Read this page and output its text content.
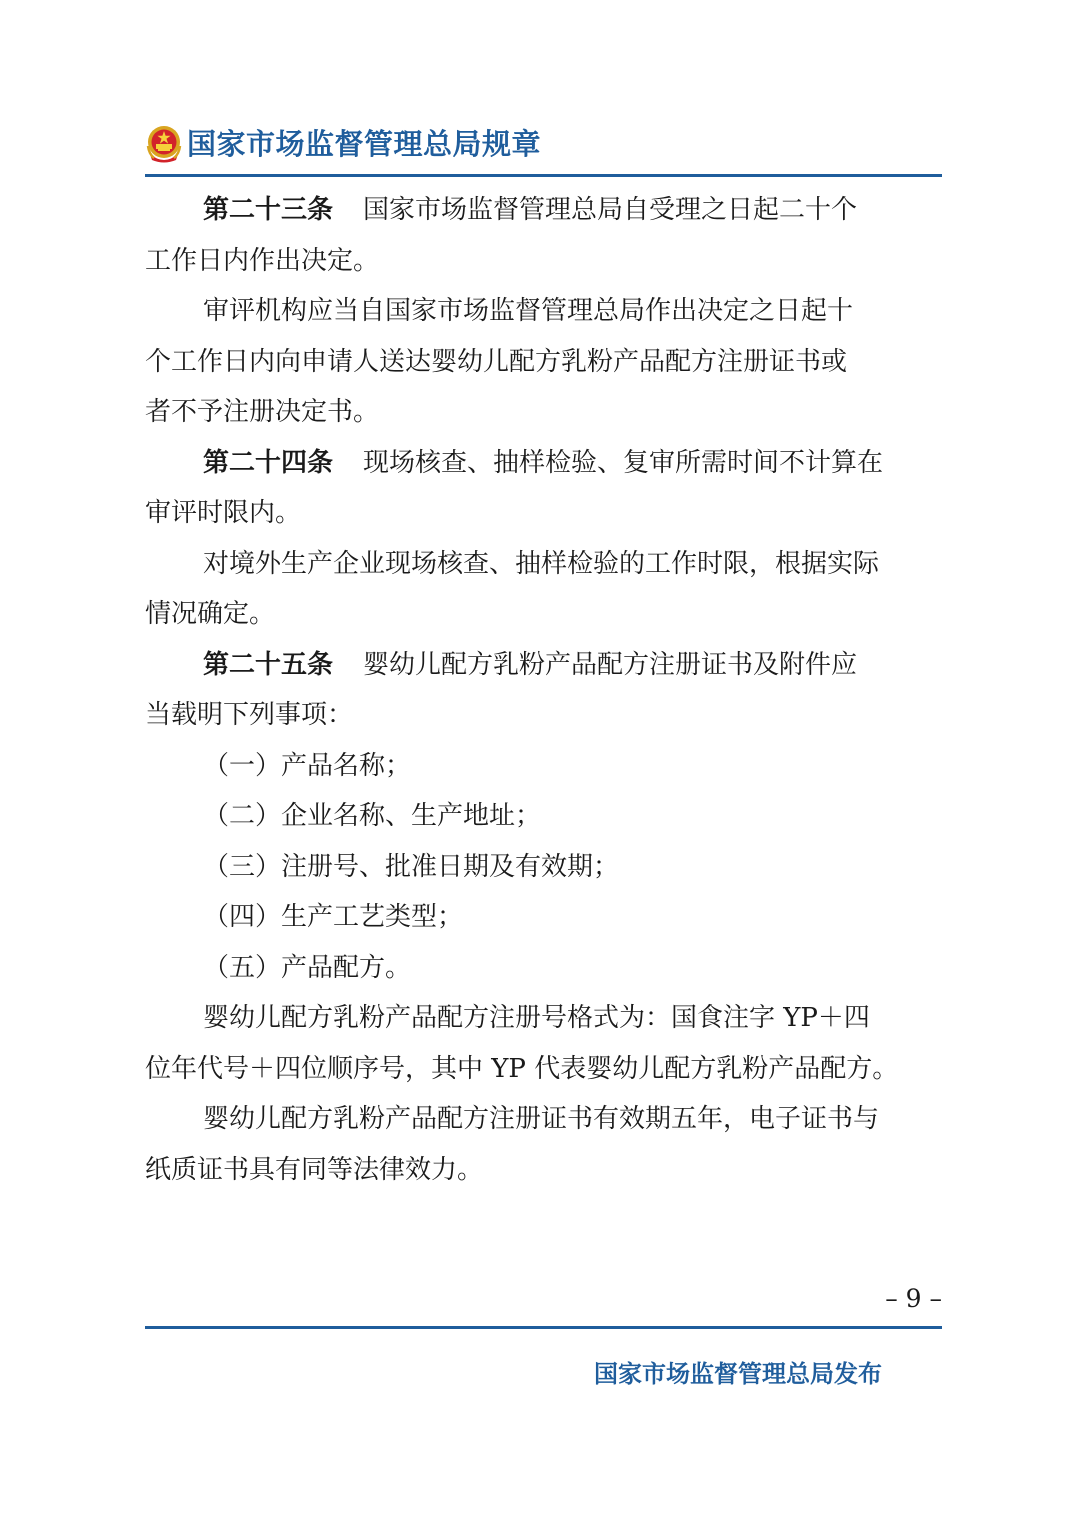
国家市场监督管理总局规章
第二十三条 国家市场监督管理总局自受理之日起二十个
工作日内作出决定。
审评机构应当自国家市场监督管理总局作出决定之日起十
个工作日内向申请人送达婴幼儿配方乳粉产品配方注册证书或
者不予注册决定书。
第二十四条 现场核查、抽样检验、复审所需时间不计算在
审评时限内。
对境外生产企业现场核查、抽样检验的工作时限，根据实际
情况确定。
第二十五条 婴幼儿配方乳粉产品配方注册证书及附件应
当载明下列事项：
（一）产品名称；
（二）企业名称、生产地址；
（三）注册号、批准日期及有效期；
（四）生产工艺类型；
（五）产品配方。
婴幼儿配方乳粉产品配方注册号格式为：国食注字 YP＋四
位年代号＋四位顺序号，其中 YP 代表婴幼儿配方乳粉产品配方。
婴幼儿配方乳粉产品配方注册证书有效期五年，电子证书与
纸质证书具有同等法律效力。
– 9 –
国家市场监督管理总局发布
